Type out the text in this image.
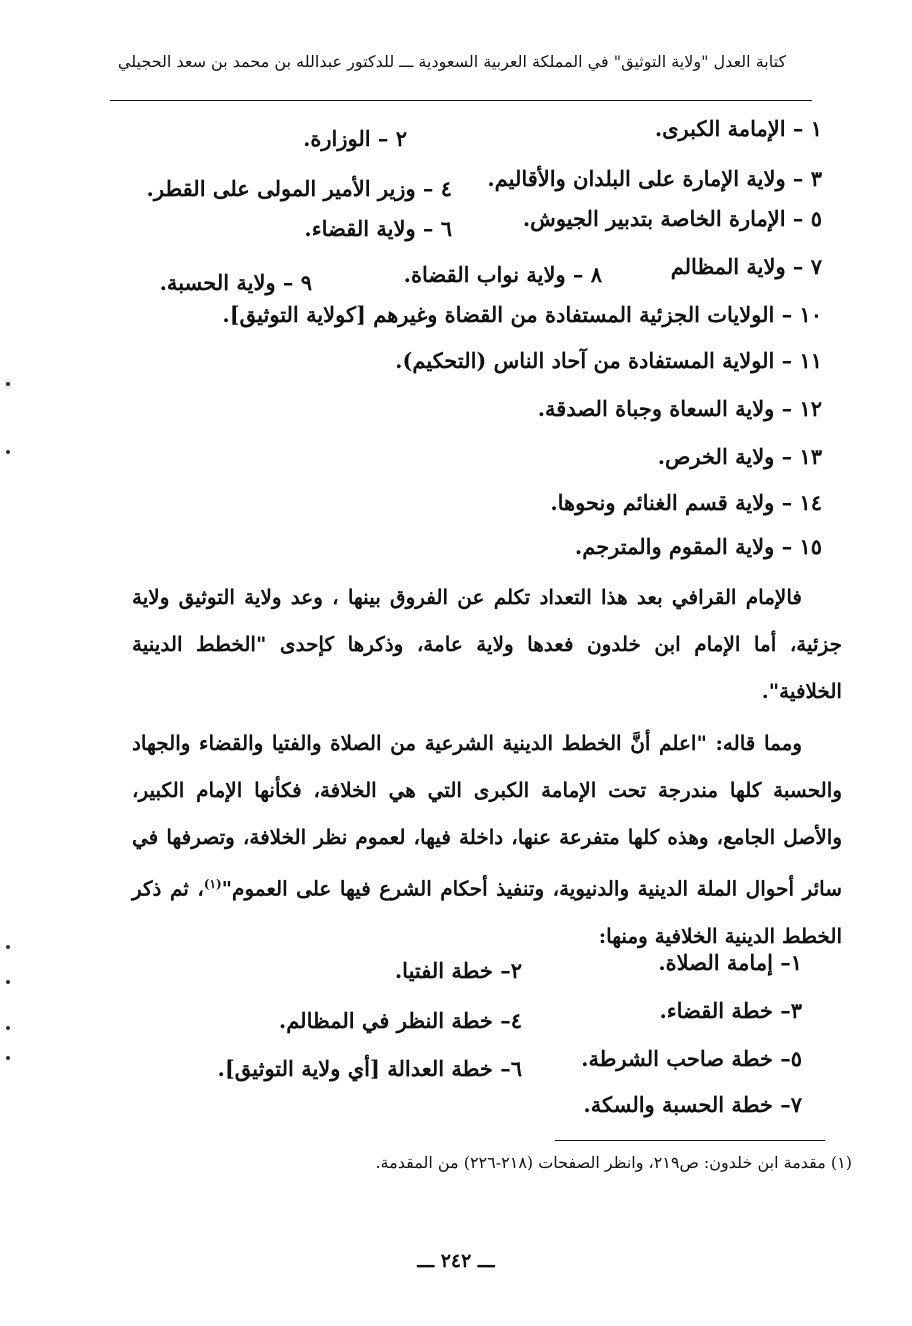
كتابة العدل "ولاية التوثيق" في المملكة العربية السعودية ـــ للدكتور عبدالله بن محمد بن سعد الحجيلي
١ – الإمامة الكبرى.
٢ – الوزارة.
٣ – ولاية الإمارة على البلدان والأقاليم.
٤ – وزير الأمير المولى على القطر.
٥ – الإمارة الخاصة بتدبير الجيوش.
٦ – ولاية القضاء.
٧ – ولاية المظالم
٨ – ولاية نواب القضاة.
٩ – ولاية الحسبة.
١٠ – الولايات الجزئية المستفادة من القضاة وغيرهم [كولاية التوثيق].
١١ – الولاية المستفادة من آحاد الناس (التحكيم).
١٢ – ولاية السعاة وجباة الصدقة.
١٣ – ولاية الخرص.
١٤ – ولاية قسم الغنائم ونحوها.
١٥ – ولاية المقوم والمترجم.
فالإمام القرافي بعد هذا التعداد تكلم عن الفروق بينها ، وعد ولاية التوثيق ولاية جزئية، أما الإمام ابن خلدون فعدها ولاية عامة، وذكرها كإحدى "الخطط الدينية الخلافية".
ومما قاله: "اعلم أنَّ الخطط الدينية الشرعية من الصلاة والفتيا والقضاء والجهاد والحسبة كلها مندرجة تحت الإمامة الكبرى التي هي الخلافة، فكأنها الإمام الكبير، والأصل الجامع، وهذه كلها متفرعة عنها، داخلة فيها، لعموم نظر الخلافة، وتصرفها في سائر أحوال الملة الدينية والدنيوية، وتنفيذ أحكام الشرع فيها على العموم"$^{(١)}$، ثم ذكر الخطط الدينية الخلافية ومنها:
١– إمامة الصلاة.
٢– خطة الفتيا.
٣– خطة القضاء.
٤– خطة النظر في المظالم.
٥– خطة صاحب الشرطة.
٦– خطة العدالة [أي ولاية التوثيق].
٧– خطة الحسبة والسكة.
(١) مقدمة ابن خلدون: ص٢١٩، وانظر الصفحات (٢١٨-٢٢٦) من المقدمة.
ـــ ٢٤٢ ـــ
